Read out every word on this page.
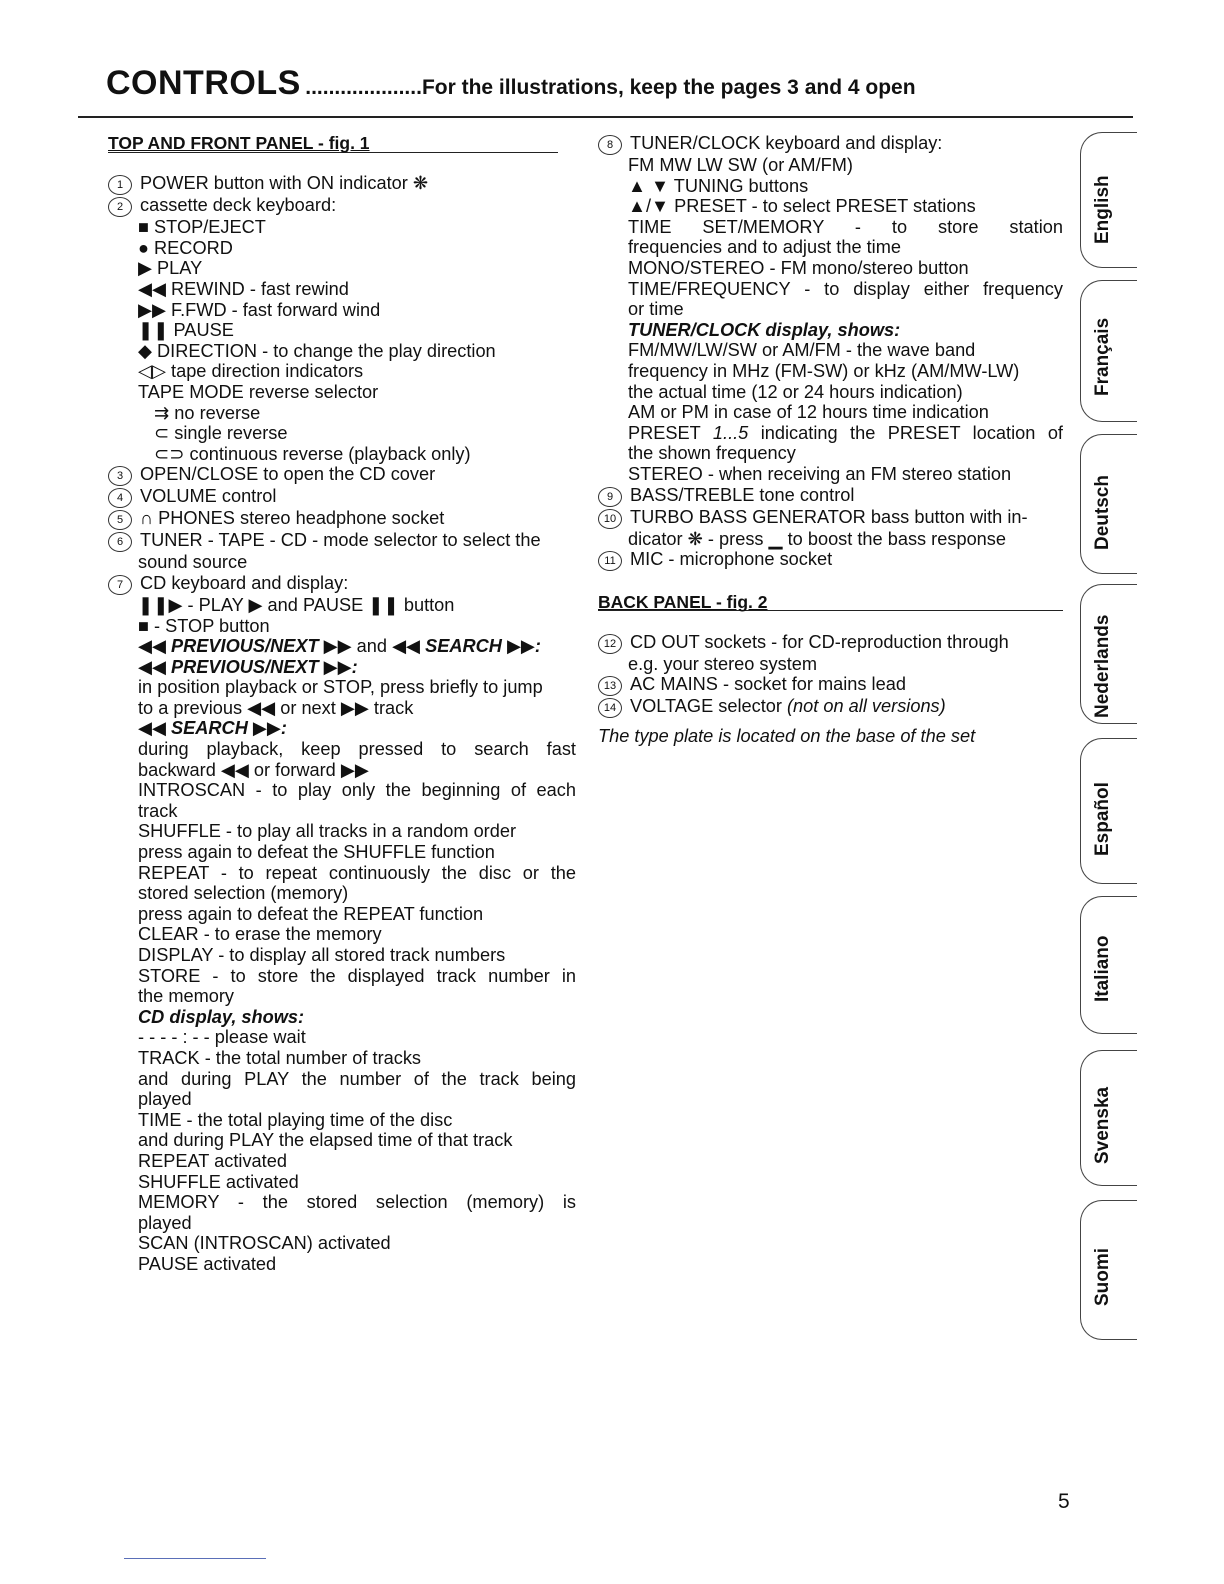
CONTROLS ....................For the illustrations, keep the pages 3 and 4 open
TOP AND FRONT PANEL - fig. 1
1 POWER button with ON indicator ❋
2 cassette deck keyboard:
■ STOP/EJECT
● RECORD
▶ PLAY
◀◀ REWIND - fast rewind
▶▶ F.FWD - fast forward wind
❚❚ PAUSE
◆ DIRECTION - to change the play direction
◁▷ tape direction indicators
TAPE MODE reverse selector
⇉ no reverse
⊂ single reverse
⊂⊃ continuous reverse (playback only)
3 OPEN/CLOSE to open the CD cover
4 VOLUME control
5 ∩ PHONES stereo headphone socket
6 TUNER - TAPE - CD - mode selector to select the
sound source
7 CD keyboard and display:
❚❚▶ - PLAY ▶ and PAUSE ❚❚ button
■ - STOP button
◀◀ PREVIOUS/NEXT ▶▶ and ◀◀ SEARCH ▶▶:
◀◀ PREVIOUS/NEXT ▶▶:
in position playback or STOP, press briefly to jump
to a previous ◀◀ or next ▶▶ track
◀◀ SEARCH ▶▶:
during playback, keep pressed to search fast
backward ◀◀ or forward ▶▶
INTROSCAN - to play only the beginning of each
track
SHUFFLE - to play all tracks in a random order
press again to defeat the SHUFFLE function
REPEAT - to repeat continuously the disc or the
stored selection (memory)
press again to defeat the REPEAT function
CLEAR - to erase the memory
DISPLAY - to display all stored track numbers
STORE - to store the displayed track number in
the memory
CD display, shows:
- - - - : - - please wait
TRACK - the total number of tracks
and during PLAY the number of the track being
played
TIME - the total playing time of the disc
and during PLAY the elapsed time of that track
REPEAT activated
SHUFFLE activated
MEMORY - the stored selection (memory) is
played
SCAN (INTROSCAN) activated
PAUSE activated
8 TUNER/CLOCK keyboard and display:
FM MW LW SW (or AM/FM)
▲ ▼ TUNING buttons
▲/▼ PRESET - to select PRESET stations
TIME SET/MEMORY - to store station
frequencies and to adjust the time
MONO/STEREO - FM mono/stereo button
TIME/FREQUENCY - to display either frequency
or time
TUNER/CLOCK display, shows:
FM/MW/LW/SW or AM/FM - the wave band
frequency in MHz (FM-SW) or kHz (AM/MW-LW)
the actual time (12 or 24 hours indication)
AM or PM in case of 12 hours time indication
PRESET 1...5 indicating the PRESET location of
the shown frequency
STEREO - when receiving an FM stereo station
9 BASS/TREBLE tone control
10 TURBO BASS GENERATOR bass button with in-
dicator ❋ - press ▁ to boost the bass response
11 MIC - microphone socket
BACK PANEL - fig. 2
12 CD OUT sockets - for CD-reproduction through
e.g. your stereo system
13 AC MAINS - socket for mains lead
14 VOLTAGE selector (not on all versions)
The type plate is located on the base of the set
English
Français
Deutsch
Nederlands
Español
Italiano
Svenska
Suomi
5
